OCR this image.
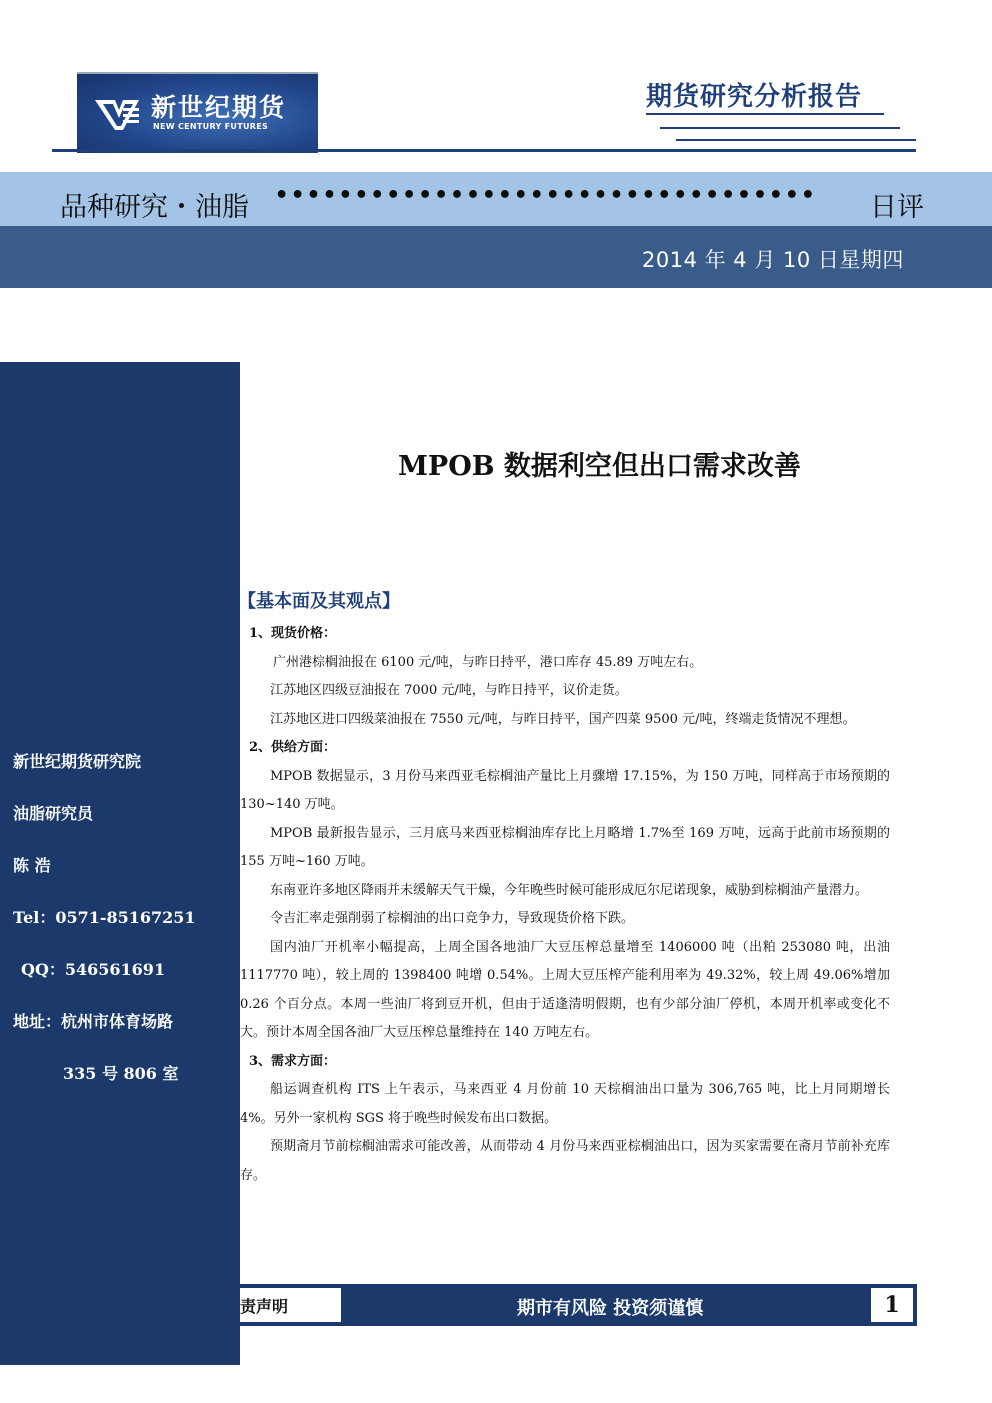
新世纪期货
NEW CENTURY FUTURES
期货研究分析报告
品种研究・油脂 •••••••••••••••••••••••••••••••••• 日评
2014 年 4 月 10 日星期四
新世纪期货研究院
油脂研究员
陈 浩
Tel：0571-85167251
QQ：546561691
地址：杭州市体育场路
335 号 806 室
MPOB 数据利空但出口需求改善
【基本面及其观点】

1、现货价格：

广州港棕榈油报在 6100 元/吨，与昨日持平，港口库存 45.89 万吨左右。

江苏地区四级豆油报在 7000 元/吨，与昨日持平，议价走货。

江苏地区进口四级菜油报在 7550 元/吨，与昨日持平，国产四菜 9500 元/吨，终端走货情况不理想。

2、供给方面：

MPOB 数据显示，3 月份马来西亚毛棕榈油产量比上月骤增 17.15%，为 150 万吨，同样高于市场预期的 130~140 万吨。

MPOB 最新报告显示，三月底马来西亚棕榈油库存比上月略增 1.7%至 169 万吨，远高于此前市场预期的 155 万吨~160 万吨。

东南亚许多地区降雨并未缓解天气干燥，今年晚些时候可能形成厄尔尼诺现象，威胁到棕榈油产量潜力。

令吉汇率走强削弱了棕榈油的出口竞争力，导致现货价格下跌。

国内油厂开机率小幅提高，上周全国各地油厂大豆压榨总量增至 1406000 吨（出粕 253080 吨，出油 1117770 吨），较上周的 1398400 吨增 0.54%。上周大豆压榨产能利用率为 49.32%，较上周 49.06%增加 0.26 个百分点。本周一些油厂将到豆开机，但由于适逢清明假期，也有少部分油厂停机，本周开机率或变化不大。预计本周全国各油厂大豆压榨总量维持在 140 万吨左右。

3、需求方面：

船运调查机构 ITS 上午表示，马来西亚 4 月份前 10 天棕榈油出口量为 306,765 吨，比上月同期增长 4%。另外一家机构 SGS 将于晚些时候发布出口数据。

预期斋月节前棕榈油需求可能改善，从而带动 4 月份马来西亚棕榈油出口，因为买家需要在斋月节前补充库存。

责声明	期市有风险 投资须谨慎	1
